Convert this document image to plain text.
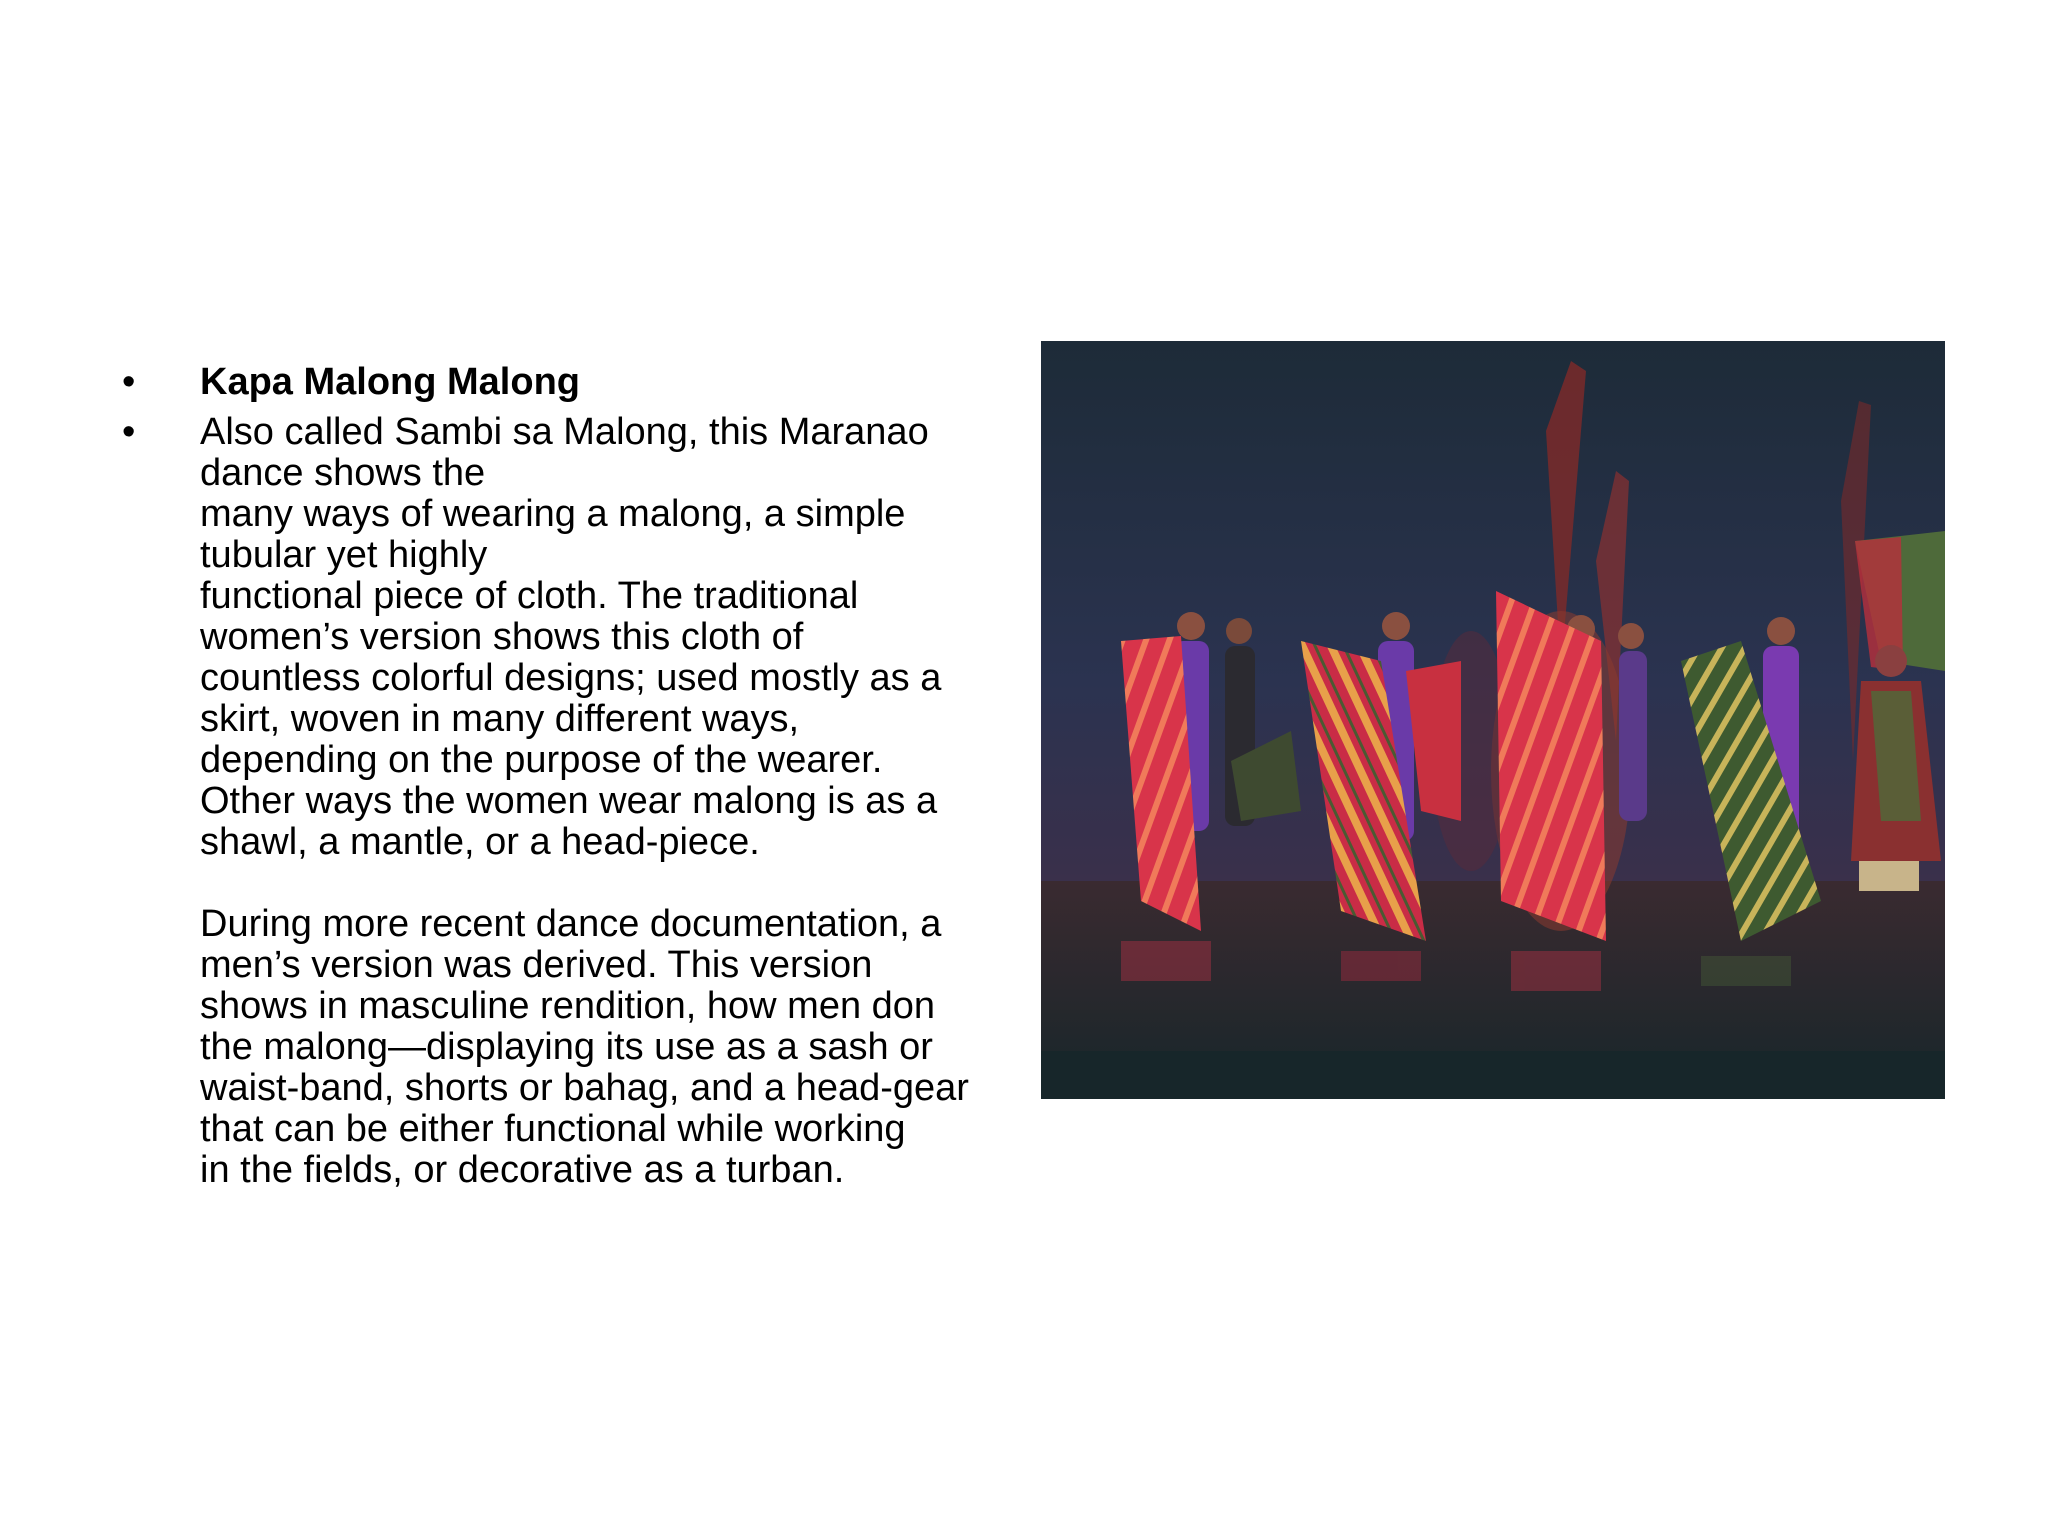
•	Kapa Malong Malong
•	Also called Sambi sa Malong, this Maranao
dance shows the
many ways of wearing a malong, a simple
tubular yet highly
functional piece of cloth. The traditional
women’s version shows this cloth of
countless colorful designs; used mostly as a
skirt, woven in many different ways,
depending on the purpose of the wearer.
Other ways the women wear malong is as a
shawl, a mantle, or a head-piece.
During more recent dance documentation, a
men’s version was derived. This version
shows in masculine rendition, how men don
the malong—displaying its use as a sash or
waist-band, shorts or bahag, and a head-gear
that can be either functional while working
in the fields, or decorative as a turban.
